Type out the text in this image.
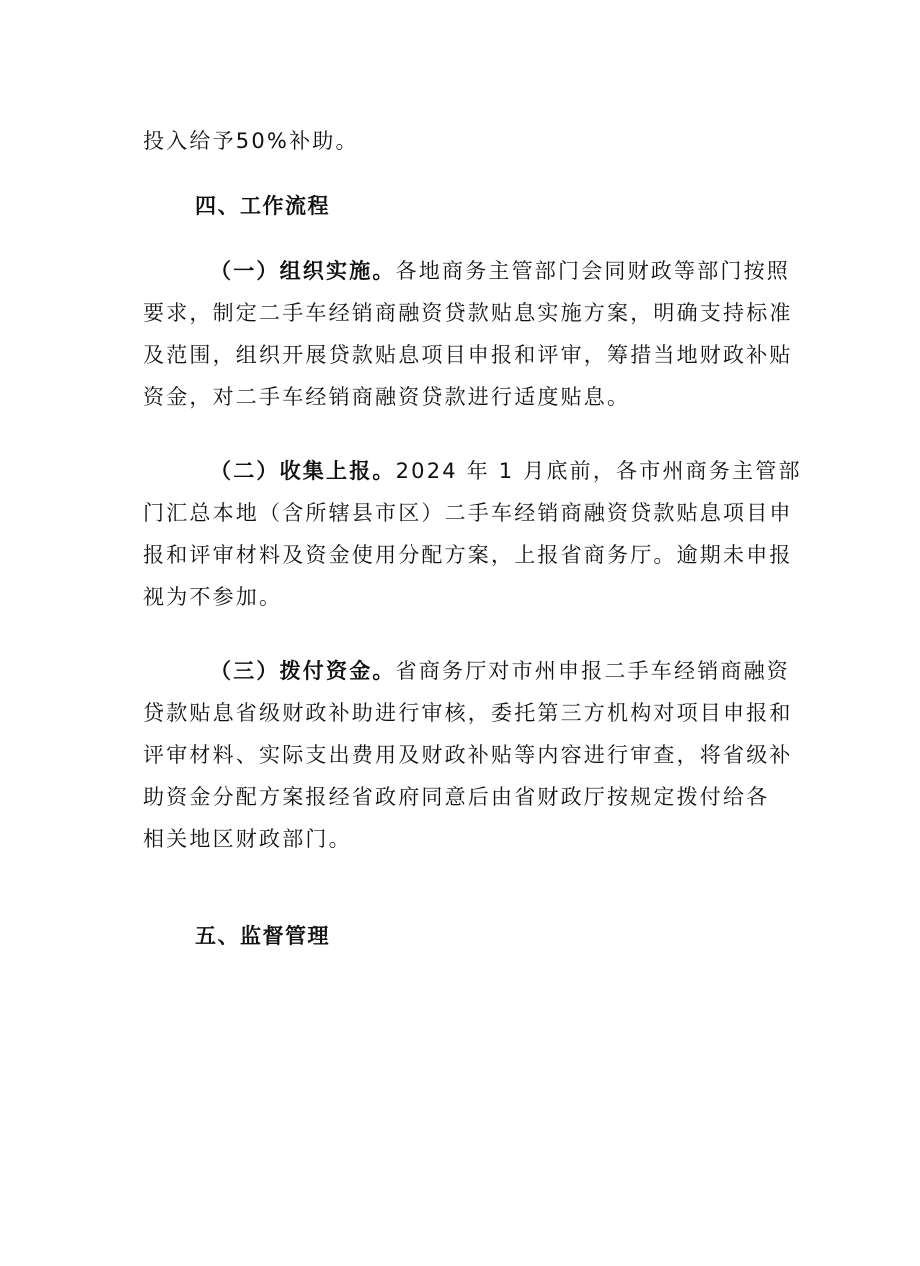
投入给予50%补助。
四、工作流程
（一）组织实施。各地商务主管部门会同财政等部门按照
要求，制定二手车经销商融资贷款贴息实施方案，明确支持标准
及范围，组织开展贷款贴息项目申报和评审，筹措当地财政补贴
资金，对二手车经销商融资贷款进行适度贴息。
（二）收集上报。2024 年 1 月底前，各市州商务主管部
门汇总本地（含所辖县市区）二手车经销商融资贷款贴息项目申
报和评审材料及资金使用分配方案，上报省商务厅。逾期未申报
视为不参加。
（三）拨付资金。省商务厅对市州申报二手车经销商融资
贷款贴息省级财政补助进行审核，委托第三方机构对项目申报和
评审材料、实际支出费用及财政补贴等内容进行审查，将省级补
助资金分配方案报经省政府同意后由省财政厅按规定拨付给各
相关地区财政部门。
五、监督管理
